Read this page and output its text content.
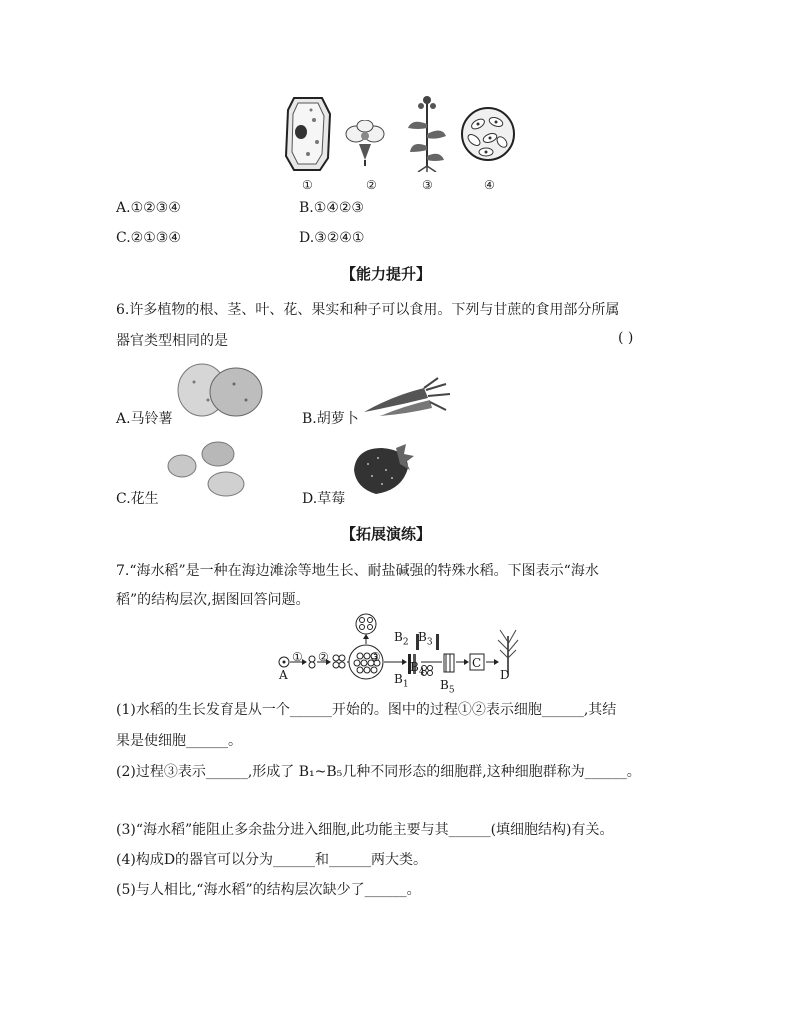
①	②	③	④
A.①②③④	B.①④②③
C.②①③④	D.③②④①
【能力提升】
6.许多植物的根、茎、叶、花、果实和种子可以食用。下列与甘蔗的食用部分所属
器官类型相同的是	( )
A.马铃薯	B.胡萝卜
C.花生	D.草莓
【拓展演练】
7.“海水稻”是一种在海边滩涂等地生长、耐盐碱强的特殊水稻。下图表示“海水
稻”的结构层次,据图回答问题。
A
① ②	③	C
D
$B_1$
$B_2$ $B_3$
$B_4$
$B_5$
(1)水稻的生长发育是从一个______开始的。图中的过程①②表示细胞______,其结
果是使细胞______。
(2)过程③表示______,形成了 B₁~B₅几种不同形态的细胞群,这种细胞群称为______。
(3)“海水稻”能阻止多余盐分进入细胞,此功能主要与其______(填细胞结构)有关。
(4)构成D的器官可以分为______和______两大类。
(5)与人相比,“海水稻”的结构层次缺少了______。
